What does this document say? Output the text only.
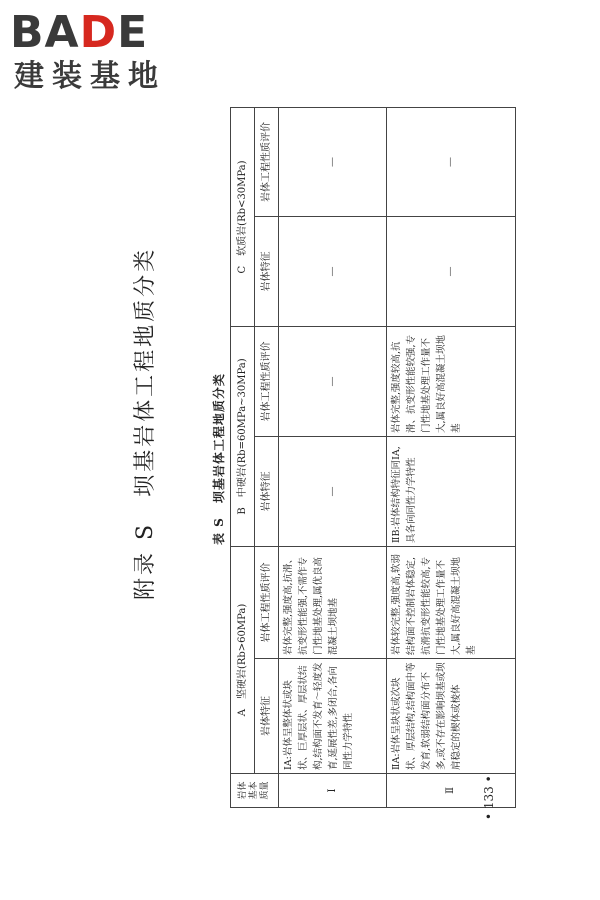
BADE
建装基地
附录 S　坝基岩体工程地质分类	表 S坝基岩体工程地质分类
岩体 基本 质量	A　坚硬岩(Rb>60MPa)		B　中硬岩(Rb=60MPa~30MPa)		C　软质岩(Rb<30MPa)	
	岩体特征	岩体工程性质评价	岩体特征	岩体工程性质评价	岩体特征	岩体工程性质评价
Ⅰ	ⅠA:岩体呈整体状或块状、巨厚层状、厚层状结构,结构面不发育～轻度发育,延展性差,多闭合,各向同性力学特性	岩体完整,强度高,抗滑、抗变形性能强,不需作专门性地基处理,属优良高混凝土坝地基	—	—	—	—
Ⅱ	ⅡA:岩体呈块状或次块状、厚层结构,结构面中等发育,软弱结构面分布不多,或不存在影响坝基或坝肩稳定的楔体或棱体	岩体较完整,强度高,软弱结构面不控制岩体稳定,抗滑抗变形性能较高,专门性地基处理工作量不大,属良好高混凝土坝地基	ⅡB:岩体结构特征同ⅠA,具各向同性力学特性	岩体完整,强度较高,抗滑、抗变形性能较强,专门性地基处理工作量不大,属良好高混凝土坝地基	—	—
• 133 •
